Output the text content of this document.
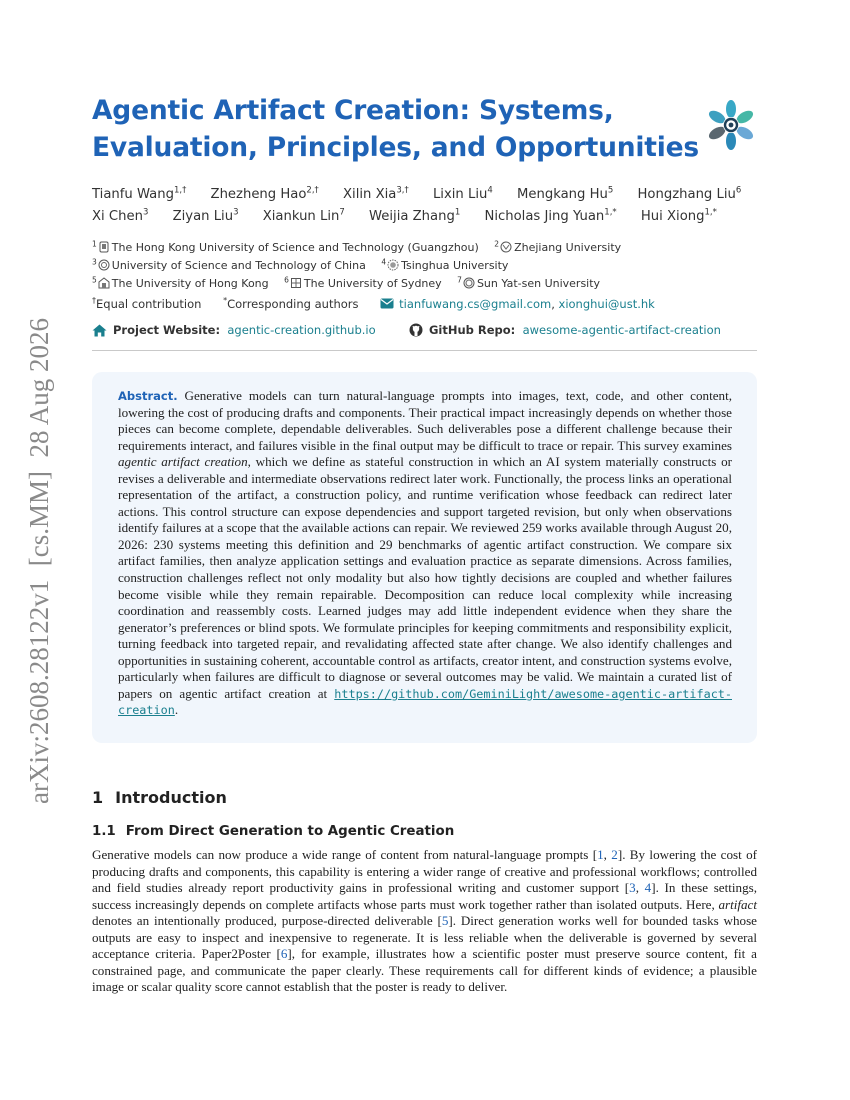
arXiv:2608.28122v1  [cs.MM]  28 Aug 2026
Agentic Artifact Creation: Systems,
Evaluation, Principles, and Opportunities
Tianfu Wang$^{1,\dagger}$ Zhezheng Hao$^{2,\dagger}$ Xilin Xia$^{3,\dagger}$ Lixin Liu$^4$ Mengkang Hu$^5$ Hongzhang Liu$^6$
Xi Chen$^3$ Ziyan Liu$^3$ Xiankun Lin$^7$ Weijia Zhang$^1$ Nicholas Jing Yuan$^{1,*}$ Hui Xiong$^{1,*}$
$^1$ The Hong Kong University of Science and Technology (Guangzhou) $^2$ Zhejiang University
$^3$ University of Science and Technology of China $^4$ Tsinghua University
$^5$ The University of Hong Kong $^6$ The University of Sydney $^7$ Sun Yat-sen University
†Equal contribution	*Corresponding authors	tianfuwang.cs@gmail.com, xionghui@ust.hk
Project Website: agentic-creation.github.io	GitHub Repo: awesome-agentic-artifact-creation

Abstract. Generative models can turn natural-language prompts into images, text, code, and other content, lowering the cost of producing drafts and components. Their practical impact increasingly depends on whether those pieces can become complete, dependable deliverables. Such deliverables pose a different challenge because their requirements interact, and failures visible in the final output may be difficult to trace or repair. This survey examines agentic artifact creation, which we define as stateful construction in which an AI system materially constructs or revises a deliverable and intermediate observations redirect later work. Functionally, the process links an operational representation of the artifact, a construction policy, and runtime verification whose feedback can redirect later actions. This control structure can expose dependencies and support targeted revision, but only when observations identify failures at a scope that the available actions can repair. We reviewed 259 works available through August 20, 2026: 230 systems meeting this definition and 29 benchmarks of agentic artifact construction. We compare six artifact families, then analyze application settings and evaluation practice as separate dimensions. Across families, construction challenges reflect not only modality but also how tightly decisions are coupled and whether failures become visible while they remain repairable. Decomposition can reduce local complexity while increasing coordination and reassembly costs. Learned judges may add little independent evidence when they share the generator’s preferences or blind spots. We formulate principles for keeping commitments and responsibility explicit, turning feedback into targeted repair, and revalidating affected state after change. We also identify challenges and opportunities in sustaining coherent, accountable control as artifacts, creator intent, and construction systems evolve, particularly when failures are difficult to diagnose or several outcomes may be valid. We maintain a curated list of papers on agentic artifact creation at https://github.com/GeminiLight/awesome-agentic-artifact-creation.

1 Introduction
1.1 From Direct Generation to Agentic Creation

Generative models can now produce a wide range of content from natural-language prompts [1, 2]. By lowering the cost of producing drafts and components, this capability is entering a wider range of creative and professional workflows; controlled and field studies already report productivity gains in professional writing and customer support [3, 4]. In these settings, success increasingly depends on complete artifacts whose parts must work together rather than isolated outputs. Here, artifact denotes an intentionally produced, purpose-directed deliverable [5]. Direct generation works well for bounded tasks whose outputs are easy to inspect and inexpensive to regenerate. It is less reliable when the deliverable is governed by several acceptance criteria. Paper2Poster [6], for example, illustrates how a scientific poster must preserve source content, fit a constrained page, and communicate the paper clearly. These requirements call for different kinds of evidence; a plausible image or scalar quality score cannot establish that the poster is ready to deliver.
